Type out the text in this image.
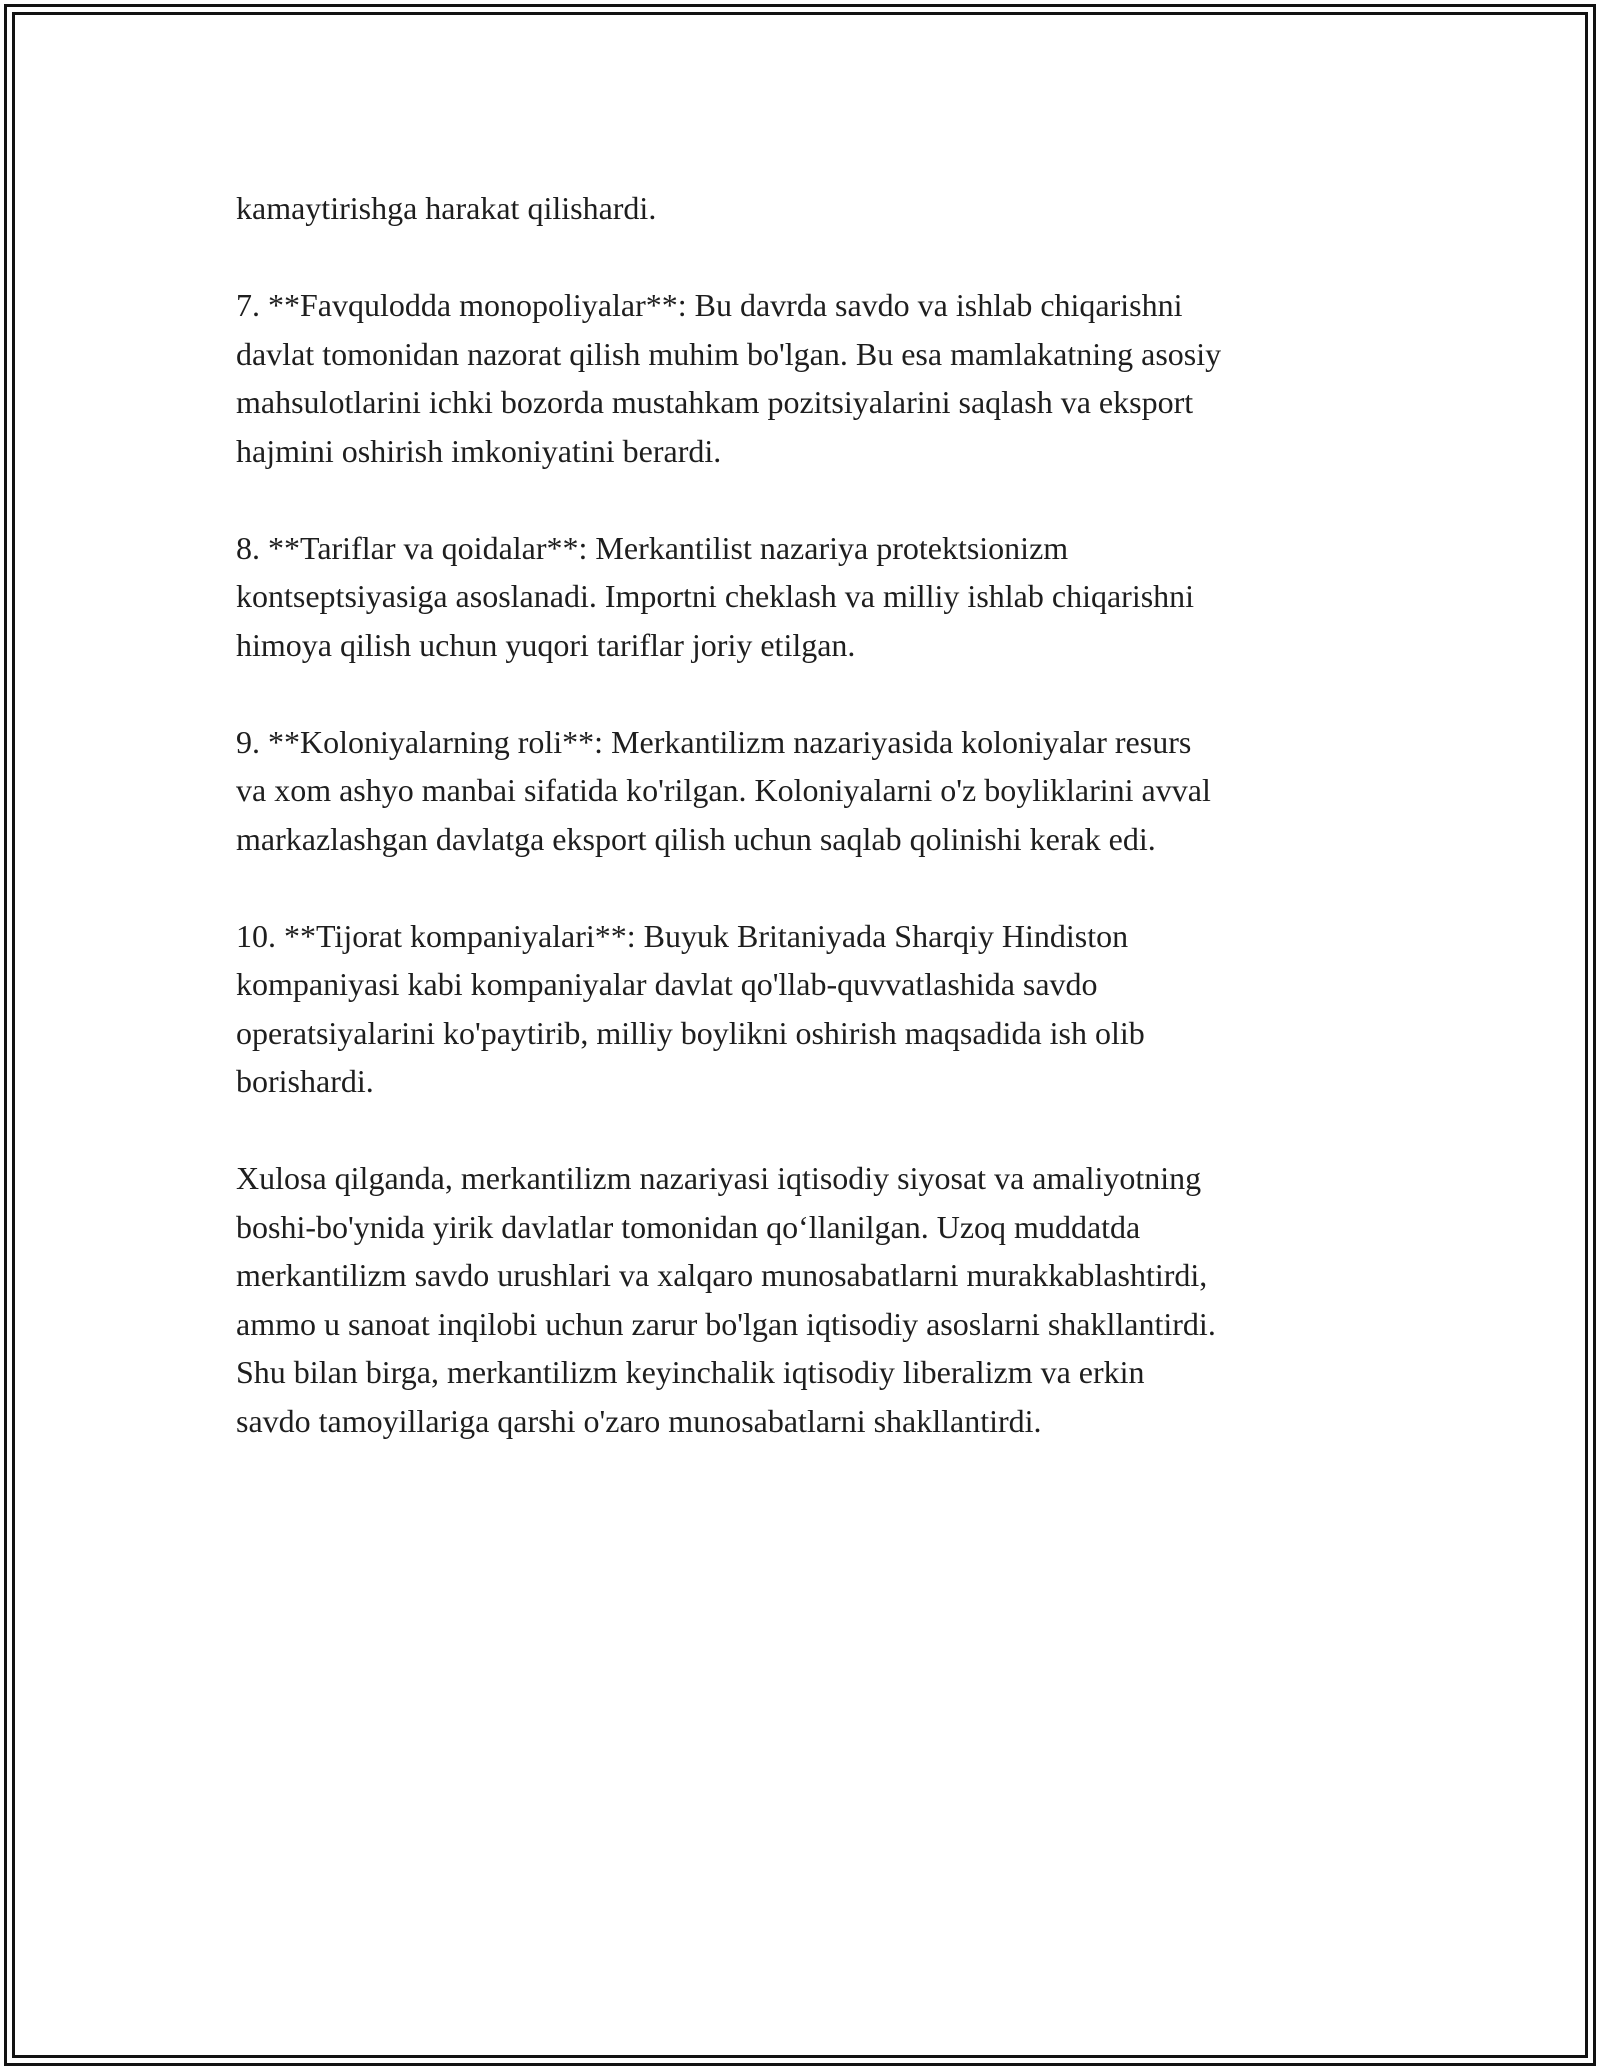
kamaytirishga harakat qilishardi.

7. **Favqulodda monopoliyalar**: Bu davrda savdo va ishlab chiqarishni
davlat tomonidan nazorat qilish muhim bo'lgan. Bu esa mamlakatning asosiy
mahsulotlarini ichki bozorda mustahkam pozitsiyalarini saqlash va eksport
hajmini oshirish imkoniyatini berardi.

8. **Tariflar va qoidalar**: Merkantilist nazariya protektsionizm
kontseptsiyasiga asoslanadi. Importni cheklash va milliy ishlab chiqarishni
himoya qilish uchun yuqori tariflar joriy etilgan.

9. **Koloniyalarning roli**: Merkantilizm nazariyasida koloniyalar resurs
va xom ashyo manbai sifatida ko'rilgan. Koloniyalarni o'z boyliklarini avval
markazlashgan davlatga eksport qilish uchun saqlab qolinishi kerak edi.

10. **Tijorat kompaniyalari**: Buyuk Britaniyada Sharqiy Hindiston
kompaniyasi kabi kompaniyalar davlat qo'llab-quvvatlashida savdo
operatsiyalarini ko'paytirib, milliy boylikni oshirish maqsadida ish olib
borishardi.

Xulosa qilganda, merkantilizm nazariyasi iqtisodiy siyosat va amaliyotning
boshi-bo'ynida yirik davlatlar tomonidan qo‘llanilgan. Uzoq muddatda
merkantilizm savdo urushlari va xalqaro munosabatlarni murakkablashtirdi,
ammo u sanoat inqilobi uchun zarur bo'lgan iqtisodiy asoslarni shakllantirdi.
Shu bilan birga, merkantilizm keyinchalik iqtisodiy liberalizm va erkin
savdo tamoyillariga qarshi o'zaro munosabatlarni shakllantirdi.
